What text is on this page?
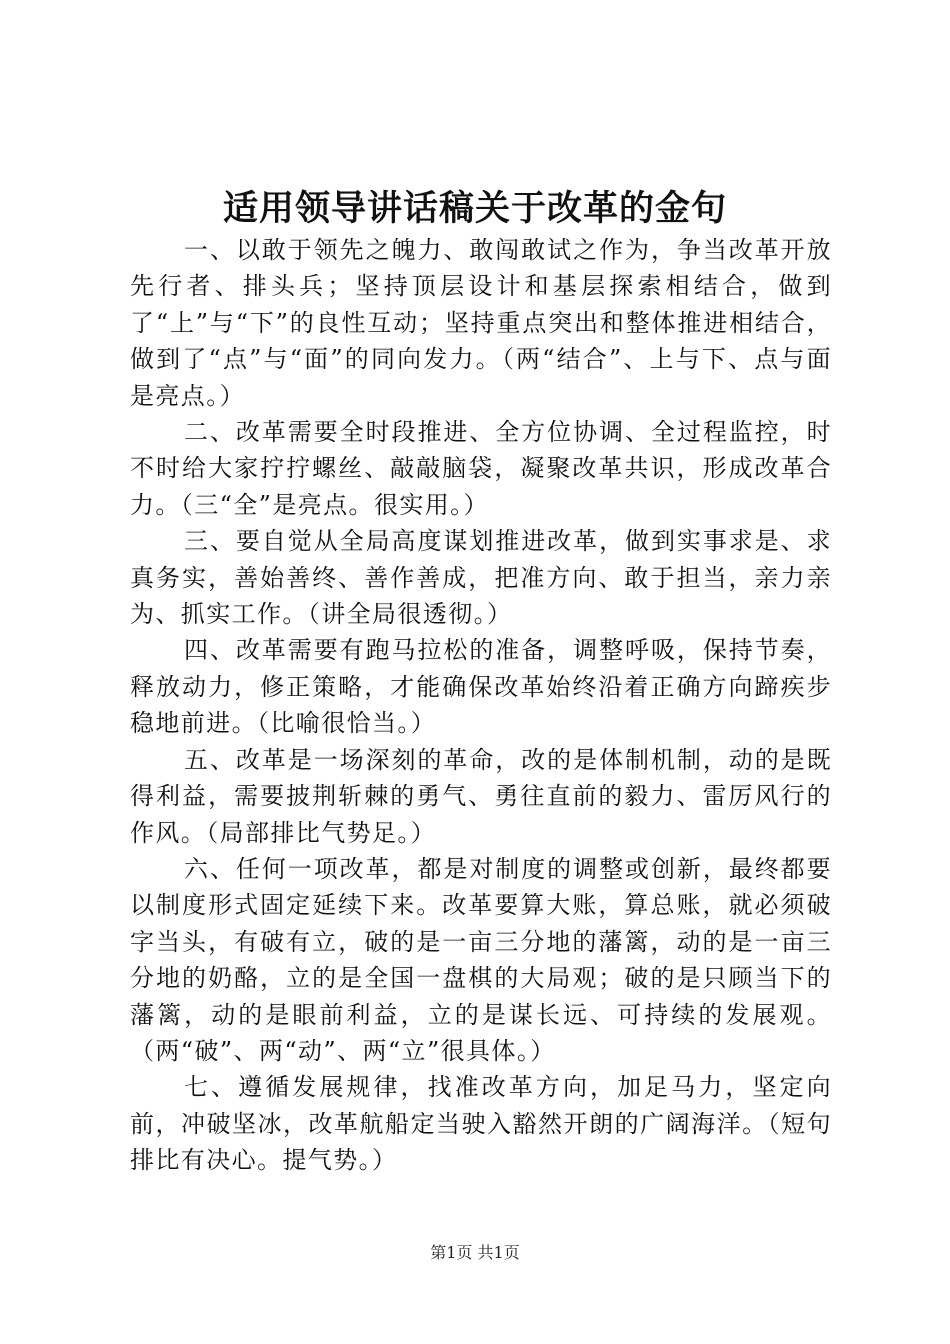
适用领导讲话稿关于改革的金句

一、以敢于领先之魄力、敢闯敢试之作为，争当改革开放先行者、排头兵；坚持顶层设计和基层探索相结合，做到了“上”与“下”的良性互动；坚持重点突出和整体推进相结合，做到了“点”与“面”的同向发力。（两“结合”、上与下、点与面是亮点。）

二、改革需要全时段推进、全方位协调、全过程监控，时不时给大家拧拧螺丝、敲敲脑袋，凝聚改革共识，形成改革合力。（三“全”是亮点。很实用。）

三、要自觉从全局高度谋划推进改革，做到实事求是、求真务实，善始善终、善作善成，把准方向、敢于担当，亲力亲为、抓实工作。（讲全局很透彻。）

四、改革需要有跑马拉松的准备，调整呼吸，保持节奏，释放动力，修正策略，才能确保改革始终沿着正确方向蹄疾步稳地前进。（比喻很恰当。）

五、改革是一场深刻的革命，改的是体制机制，动的是既得利益，需要披荆斩棘的勇气、勇往直前的毅力、雷厉风行的作风。（局部排比气势足。）

六、任何一项改革，都是对制度的调整或创新，最终都要以制度形式固定延续下来。改革要算大账，算总账，就必须破字当头，有破有立，破的是一亩三分地的藩篱，动的是一亩三分地的奶酪，立的是全国一盘棋的大局观；破的是只顾当下的藩篱，动的是眼前利益，立的是谋长远、可持续的发展观。（两“破”、两“动”、两“立”很具体。）

七、遵循发展规律，找准改革方向，加足马力，坚定向前，冲破坚冰，改革航船定当驶入豁然开朗的广阔海洋。（短句排比有决心。提气势。）

第1页 共1页
